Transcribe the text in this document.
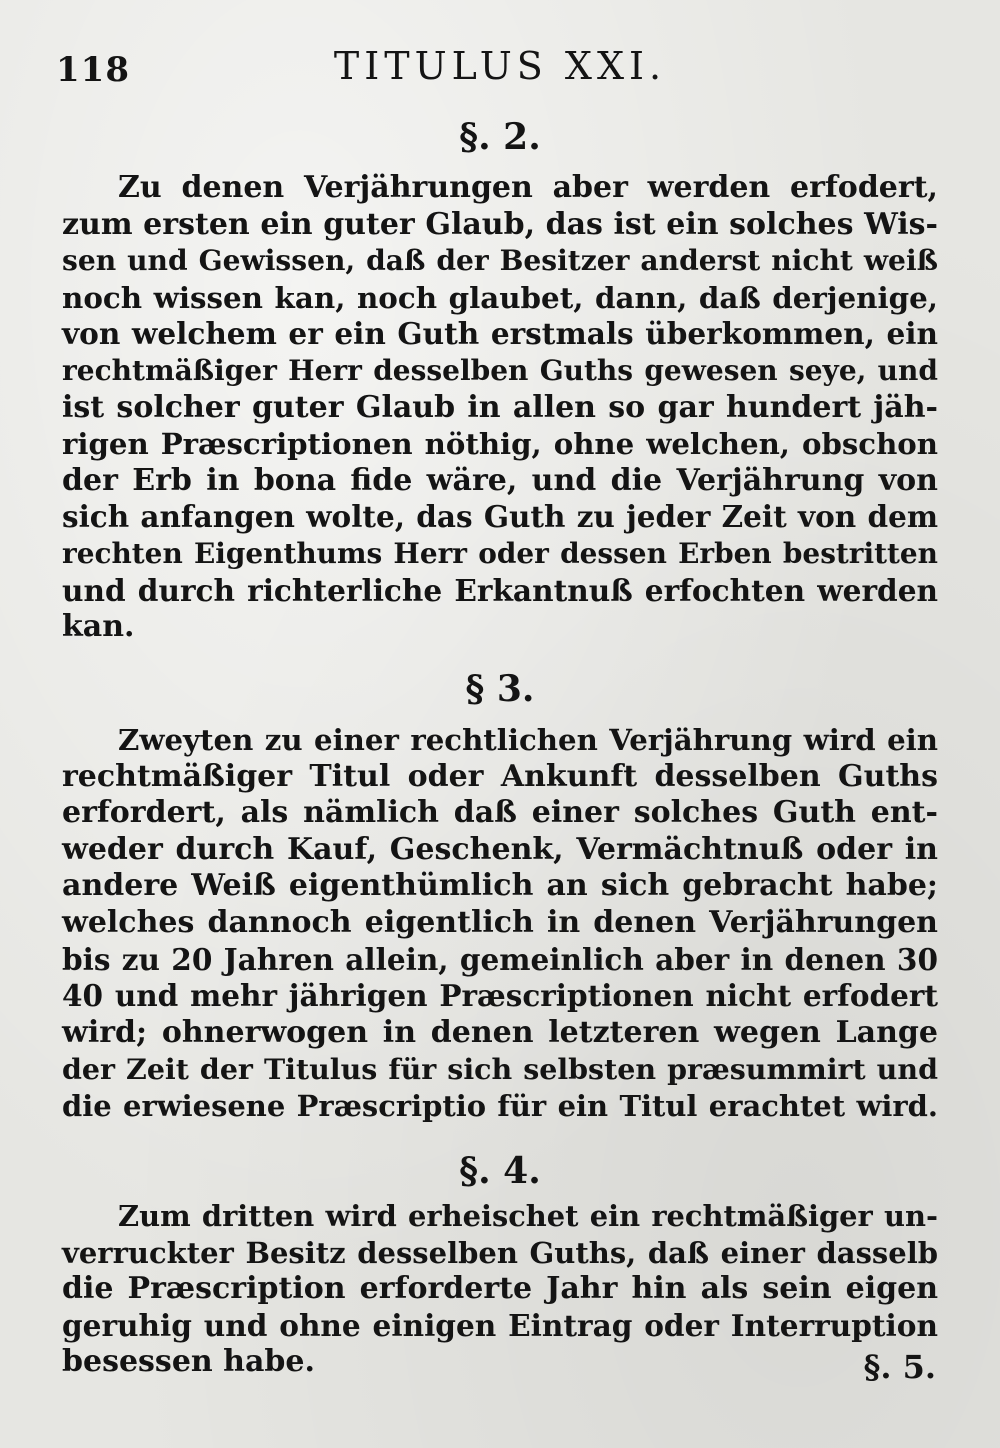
118	TITULUS XXI.
§. 2.
Zu denen Verjährungen aber werden erfodert,
zum ersten ein guter Glaub, das ist ein solches Wis-
sen und Gewissen, daß der Besitzer anderst nicht weiß
noch wissen kan, noch glaubet, dann, daß derjenige,
von welchem er ein Guth erstmals überkommen, ein
rechtmäßiger Herr desselben Guths gewesen seye, und
ist solcher guter Glaub in allen so gar hundert jäh-
rigen Præscriptionen nöthig, ohne welchen, obschon
der Erb in bona fide wäre, und die Verjährung von
sich anfangen wolte, das Guth zu jeder Zeit von dem
rechten Eigenthums Herr oder dessen Erben bestritten
und durch richterliche Erkantnuß erfochten werden
kan.
§ 3.
Zweyten zu einer rechtlichen Verjährung wird ein
rechtmäßiger Titul oder Ankunft desselben Guths
erfordert, als nämlich daß einer solches Guth ent-
weder durch Kauf, Geschenk, Vermächtnuß oder in
andere Weiß eigenthümlich an sich gebracht habe;
welches dannoch eigentlich in denen Verjährungen
bis zu 20 Jahren allein, gemeinlich aber in denen 30
40 und mehr jährigen Præscriptionen nicht erfodert
wird; ohnerwogen in denen letzteren wegen Lange
der Zeit der Titulus für sich selbsten præsummirt und
die erwiesene Præscriptio für ein Titul erachtet wird.
§. 4.
Zum dritten wird erheischet ein rechtmäßiger un-
verruckter Besitz desselben Guths, daß einer dasselb
die Præscription erforderte Jahr hin als sein eigen
geruhig und ohne einigen Eintrag oder Interruption
besessen habe.	§. 5.
